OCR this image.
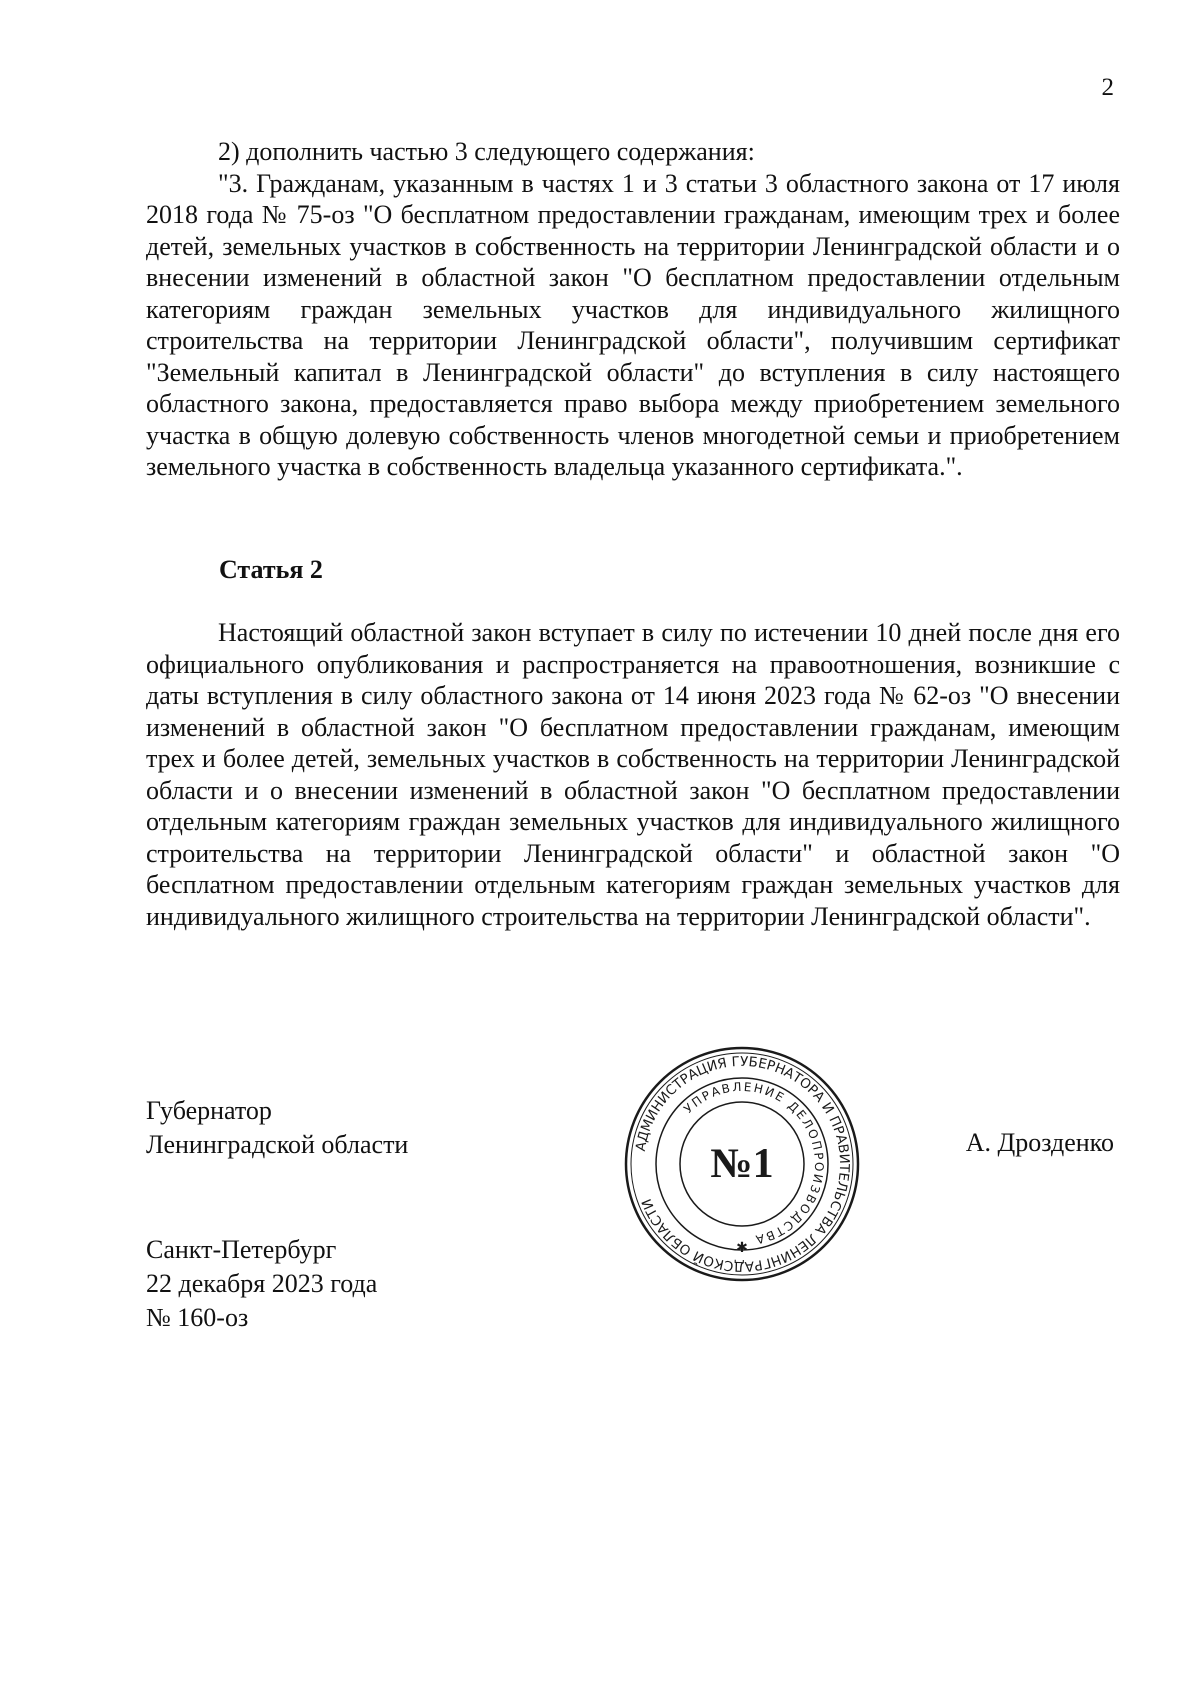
2

2) дополнить частью 3 следующего содержания:

"3. Гражданам, указанным в частях 1 и 3 статьи 3 областного закона от 17 июля 2018 года № 75-оз "О бесплатном предоставлении гражданам, имеющим трех и более детей, земельных участков в собственность на территории Ленинградской области и о внесении изменений в областной закон "О бесплатном предоставлении отдельным категориям граждан земельных участков для индивидуального жилищного строительства на территории Ленинградской области", получившим сертификат "Земельный капитал в Ленинградской области" до вступления в силу настоящего областного закона, предоставляется право выбора между приобретением земельного участка в общую долевую собственность членов многодетной семьи и приобретением земельного участка в собственность владельца указанного сертификата.".

Статья 2

Настоящий областной закон вступает в силу по истечении 10 дней после дня его официального опубликования и распространяется на правоотношения, возникшие с даты вступления в силу областного закона от 14 июня 2023 года № 62-оз "О внесении изменений в областной закон "О бесплатном предоставлении гражданам, имеющим трех и более детей, земельных участков в собственность на территории Ленинградской области и о внесении изменений в областной закон "О бесплатном предоставлении отдельным категориям граждан земельных участков для индивидуального жилищного строительства на территории Ленинградской области" и областной закон "О бесплатном предоставлении отдельным категориям граждан земельных участков для индивидуального жилищного строительства на территории Ленинградской области".

Губернатор
Ленинградской области	АДМИНИСТРАЦИЯ ГУБЕРНАТОРА И ПРАВИТЕЛЬСТВА ЛЕНИНГРАДСКОЙ ОБЛАСТИ
УПРАВЛЕНИЕ ДЕЛОПРОИЗВОДСТВА
№1
✱
А. Дрозденко
Санкт-Петербург
22 декабря 2023 года
№ 160-оз
